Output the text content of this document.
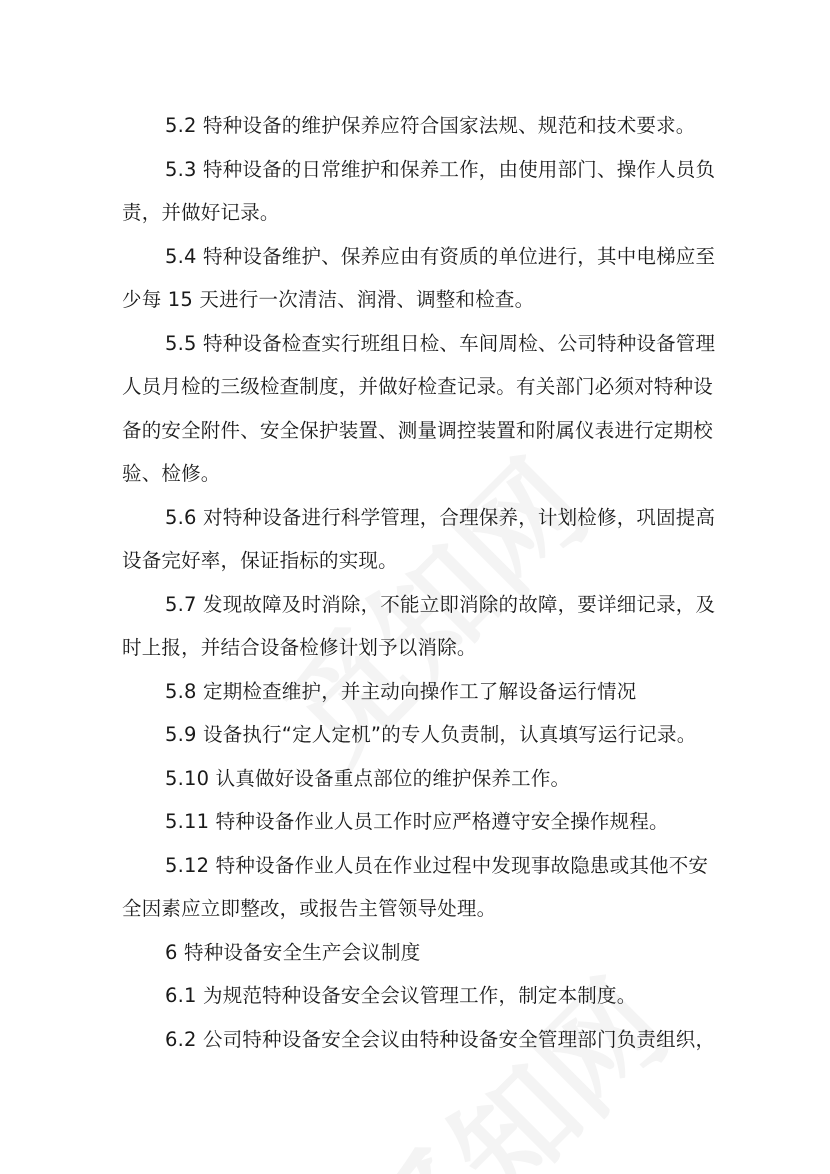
5.2 特种设备的维护保养应符合国家法规、规范和技术要求。
5.3 特种设备的日常维护和保养工作，由使用部门、操作人员负
责，并做好记录。
5.4 特种设备维护、保养应由有资质的单位进行，其中电梯应至
少每 15 天进行一次清洁、润滑、调整和检查。
5.5 特种设备检查实行班组日检、车间周检、公司特种设备管理
人员月检的三级检查制度，并做好检查记录。有关部门必须对特种设
备的安全附件、安全保护装置、测量调控装置和附属仪表进行定期校
验、检修。
5.6 对特种设备进行科学管理，合理保养，计划检修，巩固提高
设备完好率，保证指标的实现。
5.7 发现故障及时消除，不能立即消除的故障，要详细记录，及
时上报，并结合设备检修计划予以消除。
5.8 定期检查维护，并主动向操作工了解设备运行情况
5.9 设备执行“定人定机”的专人负责制，认真填写运行记录。
5.10 认真做好设备重点部位的维护保养工作。
5.11 特种设备作业人员工作时应严格遵守安全操作规程。
5.12 特种设备作业人员在作业过程中发现事故隐患或其他不安
全因素应立即整改，或报告主管领导处理。
6 特种设备安全生产会议制度
6.1 为规范特种设备安全会议管理工作，制定本制度。
6.2 公司特种设备安全会议由特种设备安全管理部门负责组织，
